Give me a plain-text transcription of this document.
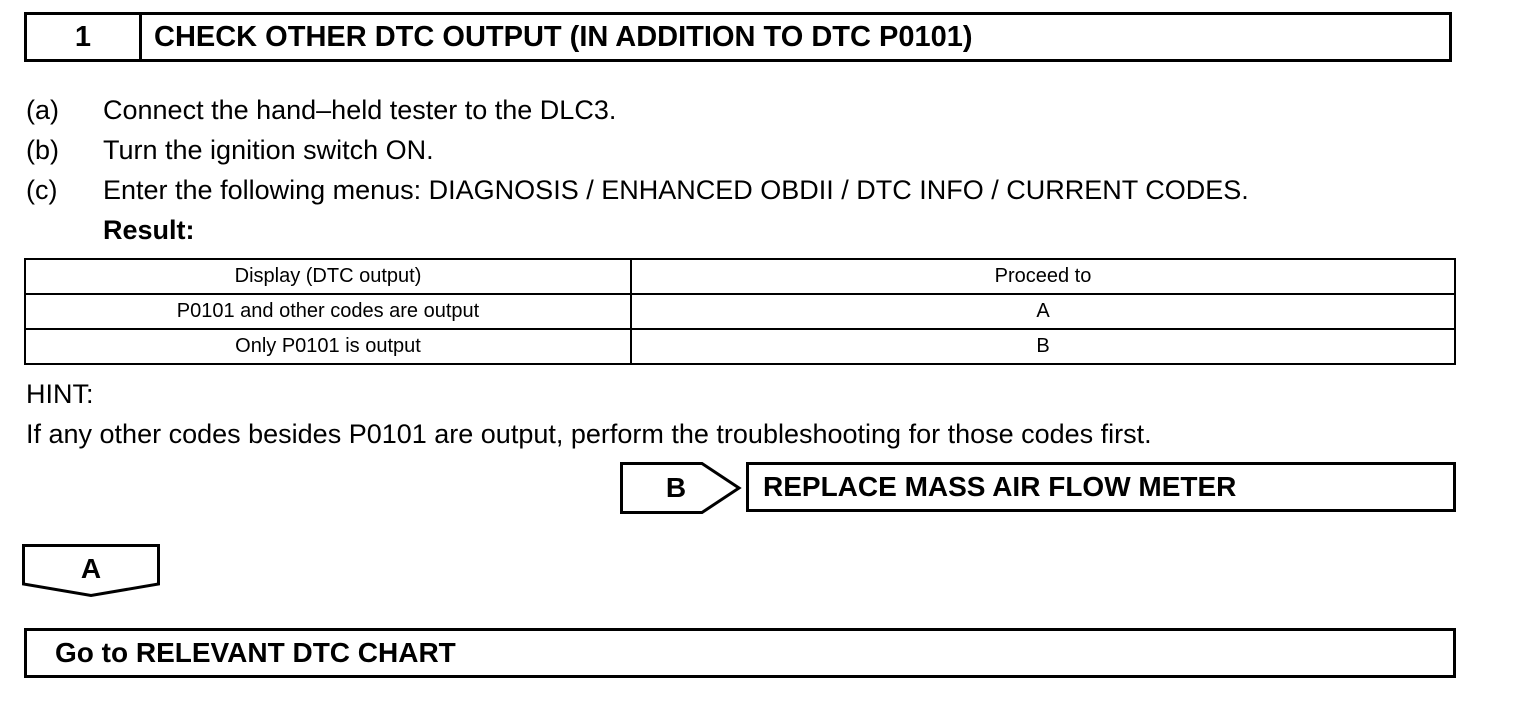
1	CHECK OTHER DTC OUTPUT (IN ADDITION TO DTC P0101)
(a) Connect the hand–held tester to the DLC3.
(b) Turn the ignition switch ON.
(c) Enter the following menus: DIAGNOSIS / ENHANCED OBDII / DTC INFO / CURRENT CODES.
Result:
Display (DTC output)	Proceed to
P0101 and other codes are output	A
Only P0101 is output	B
HINT:
If any other codes besides P0101 are output, perform the troubleshooting for those codes first.
B	REPLACE MASS AIR FLOW METER
A
Go to RELEVANT DTC CHART
